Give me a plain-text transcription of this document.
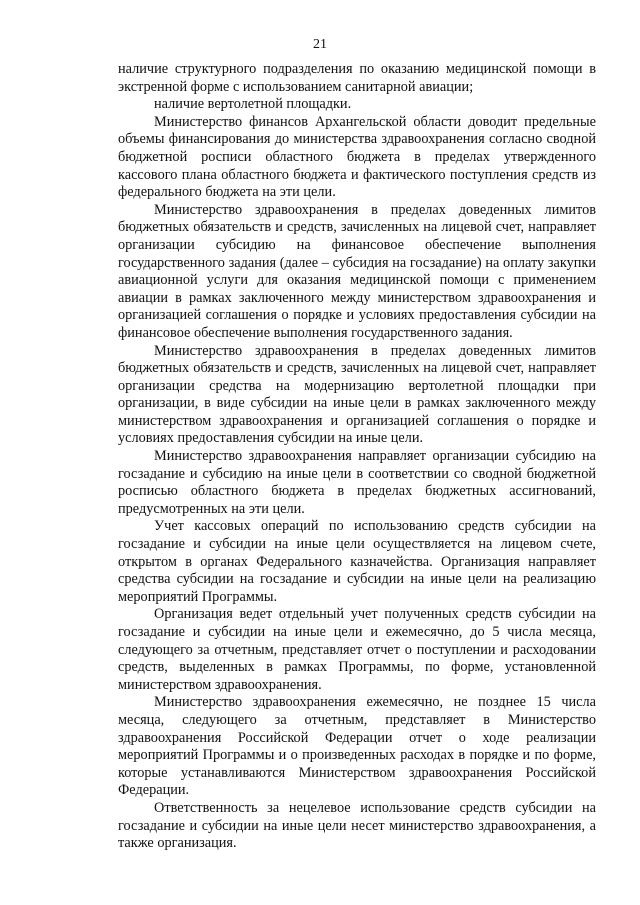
21

наличие структурного подразделения по оказанию медицинской помощи в экстренной форме с использованием санитарной авиации;

наличие вертолетной площадки.

Министерство финансов Архангельской области доводит предельные объемы финансирования до министерства здравоохранения согласно сводной бюджетной росписи областного бюджета в пределах утвержденного кассового плана областного бюджета и фактического поступления средств из федерального бюджета на эти цели.

Министерство здравоохранения в пределах доведенных лимитов бюджетных обязательств и средств, зачисленных на лицевой счет, направляет организации субсидию на финансовое обеспечение выполнения государственного задания (далее – субсидия на госзадание) на оплату закупки авиационной услуги для оказания медицинской помощи с применением авиации в рамках заключенного между министерством здравоохранения и организацией соглашения о порядке и условиях предоставления субсидии на финансовое обеспечение выполнения государственного задания.

Министерство здравоохранения в пределах доведенных лимитов бюджетных обязательств и средств, зачисленных на лицевой счет, направляет организации средства на модернизацию вертолетной площадки при организации, в виде субсидии на иные цели в рамках заключенного между министерством здравоохранения и организацией соглашения о порядке и условиях предоставления субсидии на иные цели.

Министерство здравоохранения направляет организации субсидию на госзадание и субсидию на иные цели в соответствии со сводной бюджетной росписью областного бюджета в пределах бюджетных ассигнований, предусмотренных на эти цели.

Учет кассовых операций по использованию средств субсидии на госзадание и субсидии на иные цели осуществляется на лицевом счете, открытом в органах Федерального казначейства. Организация направляет средства субсидии на госзадание и субсидии на иные цели на реализацию мероприятий Программы.

Организация ведет отдельный учет полученных средств субсидии на госзадание и субсидии на иные цели и ежемесячно, до 5 числа месяца, следующего за отчетным, представляет отчет о поступлении и расходовании средств, выделенных в рамках Программы, по форме, установленной министерством здравоохранения.

Министерство здравоохранения ежемесячно, не позднее 15 числа месяца, следующего за отчетным, представляет в Министерство здравоохранения Российской Федерации отчет о ходе реализации мероприятий Программы и о произведенных расходах в порядке и по форме, которые устанавливаются Министерством здравоохранения Российской Федерации.

Ответственность за нецелевое использование средств субсидии на госзадание и субсидии на иные цели несет министерство здравоохранения, а также организация.
